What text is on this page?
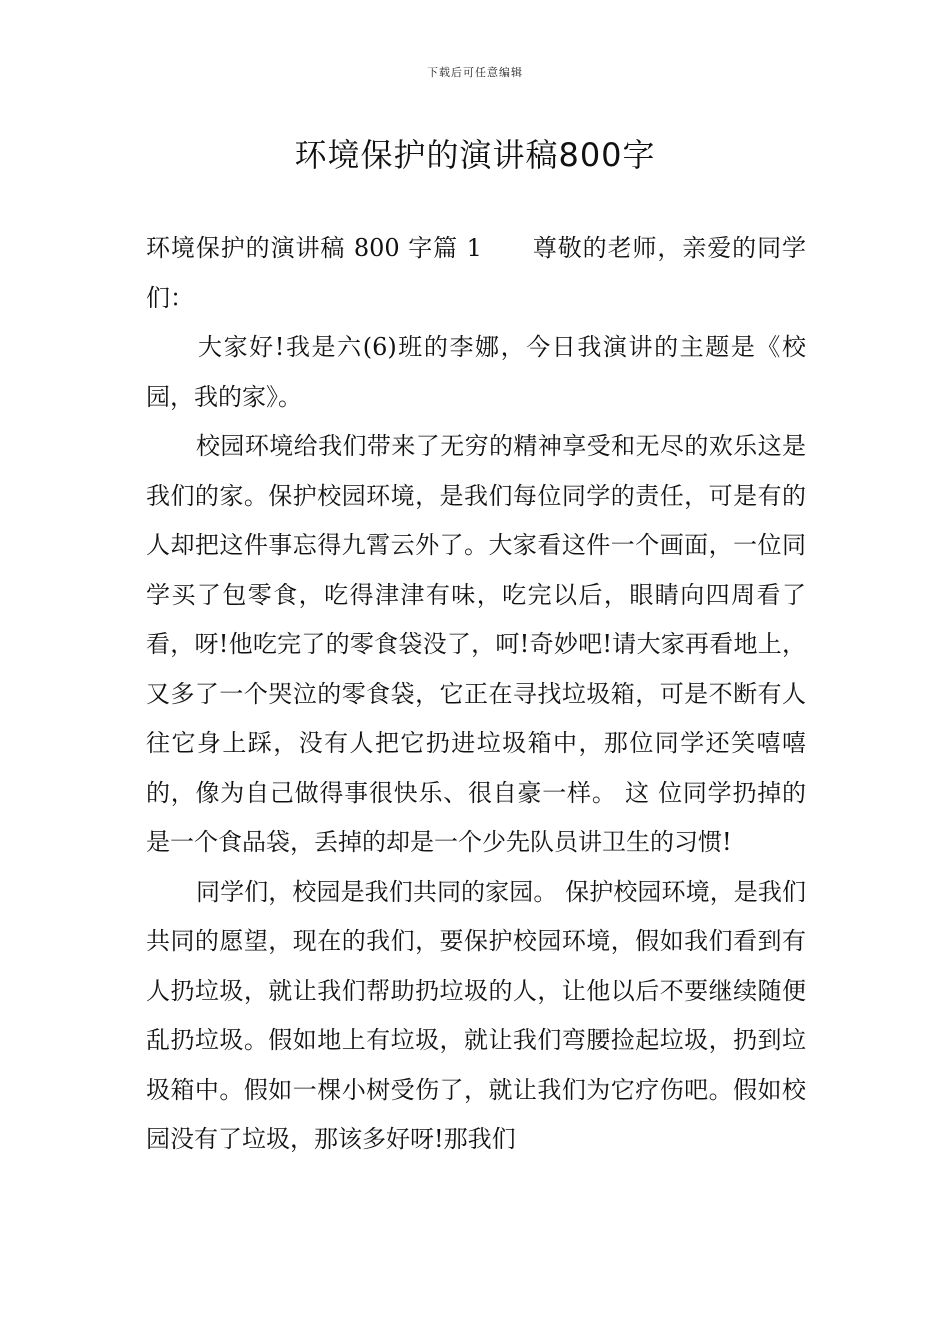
下载后可任意编辑
环境保护的演讲稿800字

环境保护的演讲稿 800 字篇 1 尊敬的老师，亲爱的同学们：

大家好!我是六(6)班的李娜，今日我演讲的主题是《校园，我的家》。

校园环境给我们带来了无穷的精神享受和无尽的欢乐这是我们的家。保护校园环境，是我们每位同学的责任，可是有的人却把这件事忘得九霄云外了。大家看这件一个画面，一位同学买了包零食，吃得津津有味，吃完以后，眼睛向四周看了看，呀!他吃完了的零食袋没了，呵!奇妙吧!请大家再看地上，又多了一个哭泣的零食袋，它正在寻找垃圾箱，可是不断有人往它身上踩，没有人把它扔进垃圾箱中，那位同学还笑嘻嘻的，像为自己做得事很快乐、很自豪一样。 这 位同学扔掉的是一个食品袋，丢掉的却是一个少先队员讲卫生的习惯!

同学们，校园是我们共同的家园。 保护校园环境，是我们共同的愿望，现在的我们，要保护校园环境，假如我们看到有人扔垃圾，就让我们帮助扔垃圾的人，让他以后不要继续随便乱扔垃圾。假如地上有垃圾，就让我们弯腰捡起垃圾，扔到垃圾箱中。假如一棵小树受伤了，就让我们为它疗伤吧。假如校园没有了垃圾，那该多好呀!那我们
